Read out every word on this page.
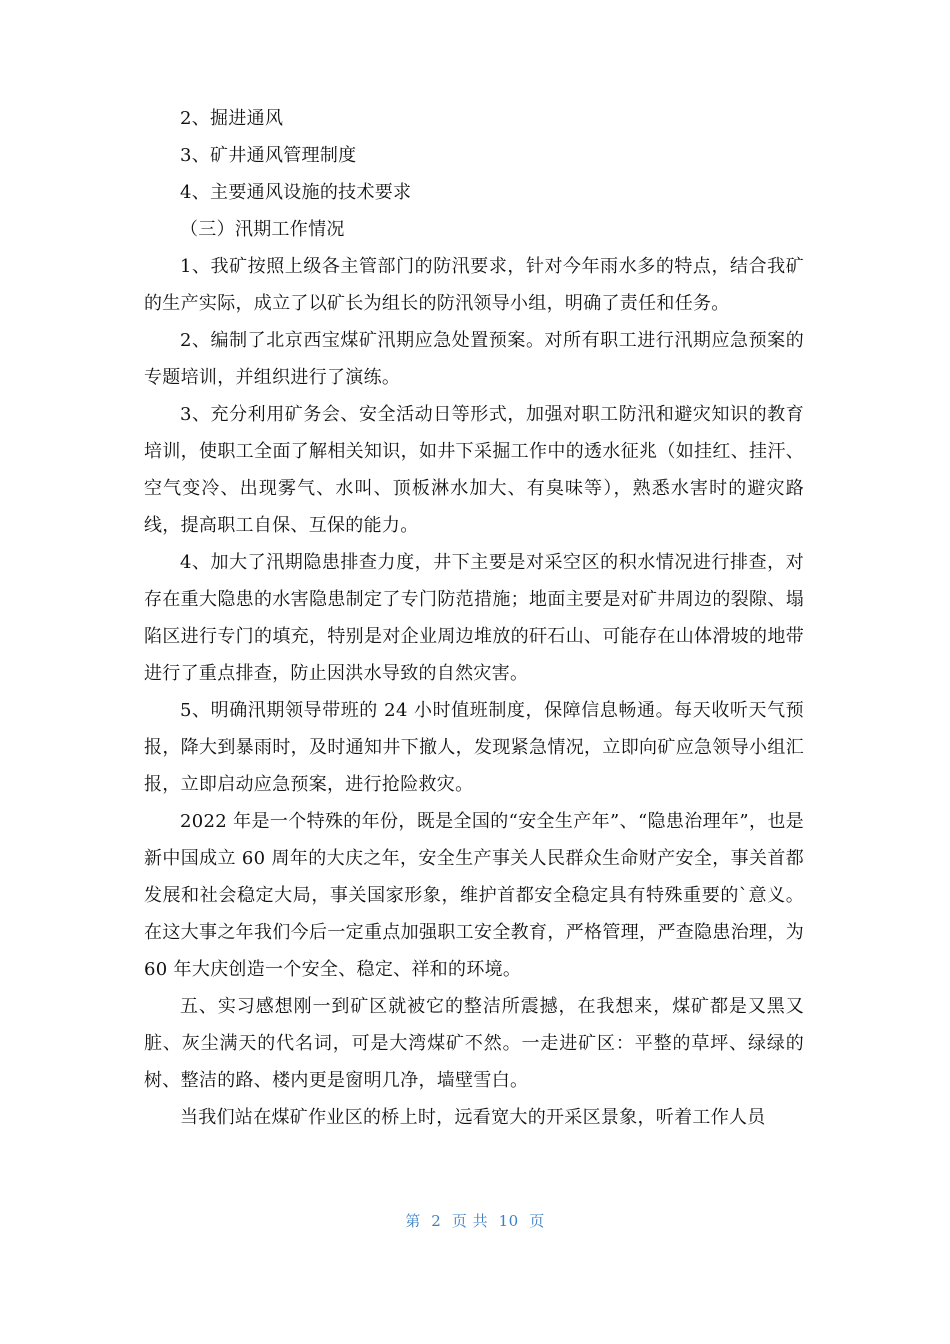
2、掘进通风

3、矿井通风管理制度

4、主要通风设施的技术要求

（三）汛期工作情况

1、我矿按照上级各主管部门的防汛要求，针对今年雨水多的特点，结合我矿的生产实际，成立了以矿长为组长的防汛领导小组，明确了责任和任务。

2、编制了北京西宝煤矿汛期应急处置预案。对所有职工进行汛期应急预案的专题培训，并组织进行了演练。

3、充分利用矿务会、安全活动日等形式，加强对职工防汛和避灾知识的教育培训，使职工全面了解相关知识，如井下采掘工作中的透水征兆（如挂红、挂汗、空气变冷、出现雾气、水叫、顶板淋水加大、有臭味等），熟悉水害时的避灾路线，提高职工自保、互保的能力。

4、加大了汛期隐患排查力度，井下主要是对采空区的积水情况进行排查，对存在重大隐患的水害隐患制定了专门防范措施；地面主要是对矿井周边的裂隙、塌陷区进行专门的填充，特别是对企业周边堆放的矸石山、可能存在山体滑坡的地带进行了重点排查，防止因洪水导致的自然灾害。

5、明确汛期领导带班的 24 小时值班制度，保障信息畅通。每天收听天气预报，降大到暴雨时，及时通知井下撤人，发现紧急情况，立即向矿应急领导小组汇报，立即启动应急预案，进行抢险救灾。

2022 年是一个特殊的年份，既是全国的“安全生产年”、“隐患治理年”，也是新中国成立 60 周年的大庆之年，安全生产事关人民群众生命财产安全，事关首都发展和社会稳定大局，事关国家形象，维护首都安全稳定具有特殊重要的`意义。在这大事之年我们今后一定重点加强职工安全教育，严格管理，严查隐患治理，为 60 年大庆创造一个安全、稳定、祥和的环境。

五、实习感想刚一到矿区就被它的整洁所震撼，在我想来，煤矿都是又黑又脏、灰尘满天的代名词，可是大湾煤矿不然。一走进矿区：平整的草坪、绿绿的树、整洁的路、楼内更是窗明几净，墙壁雪白。

当我们站在煤矿作业区的桥上时，远看宽大的开采区景象，听着工作人员

第  2  页 共  10  页
